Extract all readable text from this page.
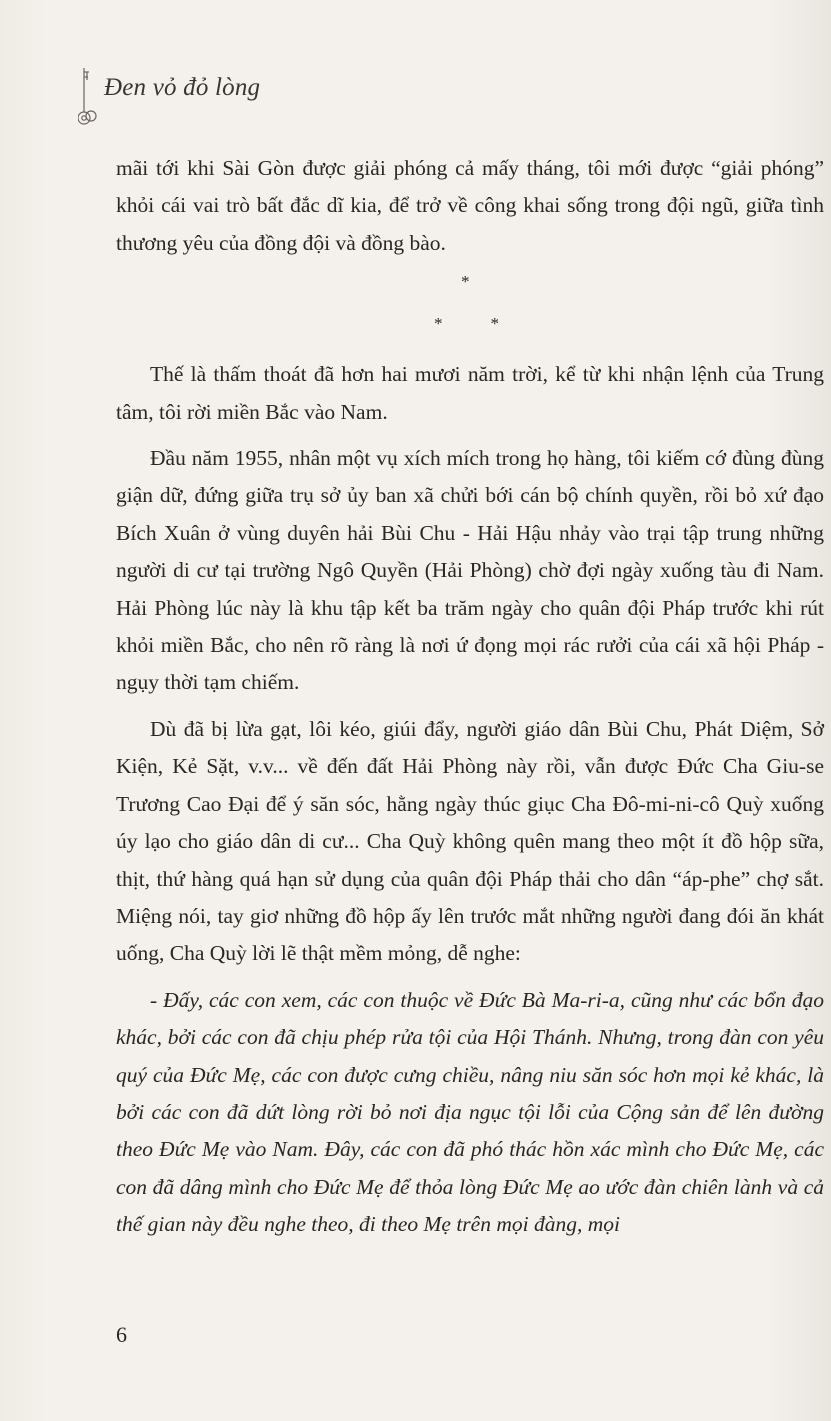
Đen vỏ đỏ lòng

mãi tới khi Sài Gòn được giải phóng cả mấy tháng, tôi mới được “giải phóng” khỏi cái vai trò bất đắc dĩ kia, để trở về công khai sống trong đội ngũ, giữa tình thương yêu của đồng đội và đồng bào.

Thế là thấm thoát đã hơn hai mươi năm trời, kể từ khi nhận lệnh của Trung tâm, tôi rời miền Bắc vào Nam.

Đầu năm 1955, nhân một vụ xích mích trong họ hàng, tôi kiếm cớ đùng đùng giận dữ, đứng giữa trụ sở ủy ban xã chửi bới cán bộ chính quyền, rồi bỏ xứ đạo Bích Xuân ở vùng duyên hải Bùi Chu - Hải Hậu nhảy vào trại tập trung những người di cư tại trường Ngô Quyền (Hải Phòng) chờ đợi ngày xuống tàu đi Nam. Hải Phòng lúc này là khu tập kết ba trăm ngày cho quân đội Pháp trước khi rút khỏi miền Bắc, cho nên rõ ràng là nơi ứ đọng mọi rác rưởi của cái xã hội Pháp - ngụy thời tạm chiếm.

Dù đã bị lừa gạt, lôi kéo, giúi đẩy, người giáo dân Bùi Chu, Phát Diệm, Sở Kiện, Kẻ Sặt, v.v... về đến đất Hải Phòng này rồi, vẫn được Đức Cha Giu-se Trương Cao Đại để ý săn sóc, hằng ngày thúc giục Cha Đô-mi-ni-cô Quỳ xuống úy lạo cho giáo dân di cư... Cha Quỳ không quên mang theo một ít đồ hộp sữa, thịt, thứ hàng quá hạn sử dụng của quân đội Pháp thải cho dân “áp-phe” chợ sắt. Miệng nói, tay giơ những đồ hộp ấy lên trước mắt những người đang đói ăn khát uống, Cha Quỳ lời lẽ thật mềm mỏng, dễ nghe:

- Đấy, các con xem, các con thuộc về Đức Bà Ma-ri-a, cũng như các bổn đạo khác, bởi các con đã chịu phép rửa tội của Hội Thánh. Nhưng, trong đàn con yêu quý của Đức Mẹ, các con được cưng chiều, nâng niu săn sóc hơn mọi kẻ khác, là bởi các con đã dứt lòng rời bỏ nơi địa ngục tội lỗi của Cộng sản để lên đường theo Đức Mẹ vào Nam. Đây, các con đã phó thác hồn xác mình cho Đức Mẹ, các con đã dâng mình cho Đức Mẹ để thỏa lòng Đức Mẹ ao ước đàn chiên lành và cả thế gian này đều nghe theo, đi theo Mẹ trên mọi đàng, mọi

*
**
6
